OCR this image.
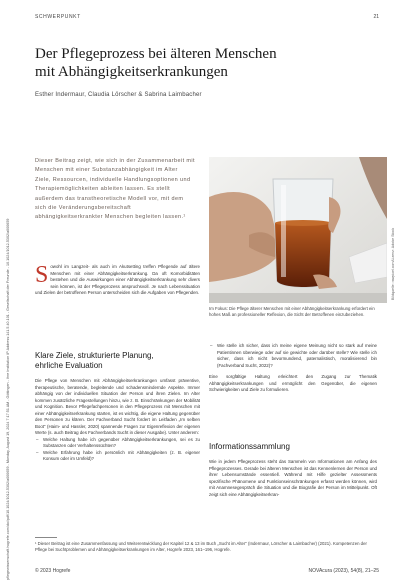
pflegewissenschaft.hogrefe.com/doi/pdf/10.1024/1012-5302/a000659 - Monday, August 19, 2024 7:17:51 AM - Göttingen - Ihre Institution IP Address:141.5.40.101 - Gesellschaft der Freunde - 10.1024/1012-5302/a000659
SCHWERPUNKT	21
Der Pflegeprozess bei älteren Menschen
mit Abhängigkeitserkrankungen
Esther Indermaur, Claudia Lörscher & Sabrina Laimbacher

Dieser Beitrag zeigt, wie sich in der Zusammenarbeit mit Menschen mit einer Substanzabhängigkeit im Alter Ziele, Ressourcen, individuelle Handlungsoptionen und Therapiemöglichkeiten ableiten lassen. Es stellt außerdem das transtheoretische Modell vor, mit dem sich die Veränderungsbereitschaft abhängigkeitserkrankter Menschen begleiten lassen.¹

Sowohl im Langzeit- als auch im Akutsetting treffen Pflegende auf ältere Menschen mit einer Abhängigkeitserkrankung. Da oft Komorbiditäten bestehen und die Auswirkungen einer Abhängigkeitserkrankung sehr divers sein können, ist der Pflegeprozess anspruchsvoll. Je nach Lebenssituation und Zielen der betroffenen Person unterscheiden sich die Aufgaben von Pflegenden.

Klare Ziele, strukturierte Planung,
ehrliche Evaluation

Die Pflege von Menschen mit Abhängigkeitserkrankungen umfasst präventive, therapeutische, beratende, begleitende und schadensmindernde Aspekte. Immer abhängig von der individuellen Situation der Person und ihren Zielen. Im Alter kommen zusätzliche Fragestellungen hinzu, wie z. B. Einschränkungen der Mobilität und Kognition. Bevor Pflegefachpersonen in den Pflegeprozess mit Menschen mit einer Abhängigkeitserkrankung starten, ist es wichtig, die eigene Haltung gegenüber den Personen zu klären. Der Fachverband Sucht fordert im Leitfaden „Im selben Boot“ (Haim- und Hassler, 2020) spannende Fragen zur Eigenreflexion der eigenen Werte (s. auch Beitrag des Fachverbands Sucht in dieser Ausgabe). Unter anderem:

– Welche Haltung habe ich gegenüber Abhängigkeitserkrankungen, sei es zu Substanzen oder Verhaltenssüchten?
– Welche Erfahrung habe ich persönlich mit Abhängigkeiten (z. B. eigener Konsum oder im Umfeld)?
Bildquelle: rawpixel.com/Lizenz: Adobe Stock
Im Fokus: Die Pflege älterer Menschen mit einer Abhängigkeitserkrankung erfordert ein hohes Maß an professioneller Reflexion, die Sicht der Betroffenen einzubeziehen.
– Wie stelle ich sicher, dass ich meine eigene Meinung nicht so stark auf meine Patientinnen überwiege oder auf sie gewichte oder darüber stelle? Wie stelle ich sicher, dass ich nicht bevormundend, paternalistisch, moralisierend bin (Fachverband Sucht, 2022)?

Eine sorgfältige Haltung erleichtert den Zugang zur Thematik Abhängigkeitserkrankungen und ermöglicht den Gegenüber, die eigenen Schwierigkeiten und Ziele zu formulieren.

Informationssammlung

Wie in jedem Pflegeprozess steht das Sammeln von Informationen am Anfang des Pflegeprozesses. Gerade bei älteren Menschen ist das Kennenlernen der Person und ihrer Lebensumstände essentiell. Während mit Hilfe gezielter Assessments spezifische Phänomene und Funktionseinschränkungen erfasst werden können, wird mit Anamnesegespräch die Situation und die Biografie der Person im Mittelpunkt. Oft zeigt sich eine Abhängigkeitserkran-

¹ Dieser Beitrag ist eine Zusammenfassung und Weiterentwicklung der Kapitel 12 & 13 im Buch „Sucht im Alter“ (Indermaur, Lörscher & Laimbacher) (2021). Kompetenzen der Pflege bei Suchtproblemen und Abhängigkeitserkrankungen im Alter, Hogrefe 2023, 161–196, Hogrefe.
© 2023 Hogrefe	NOVAcura (2023), 54(8), 21–25
